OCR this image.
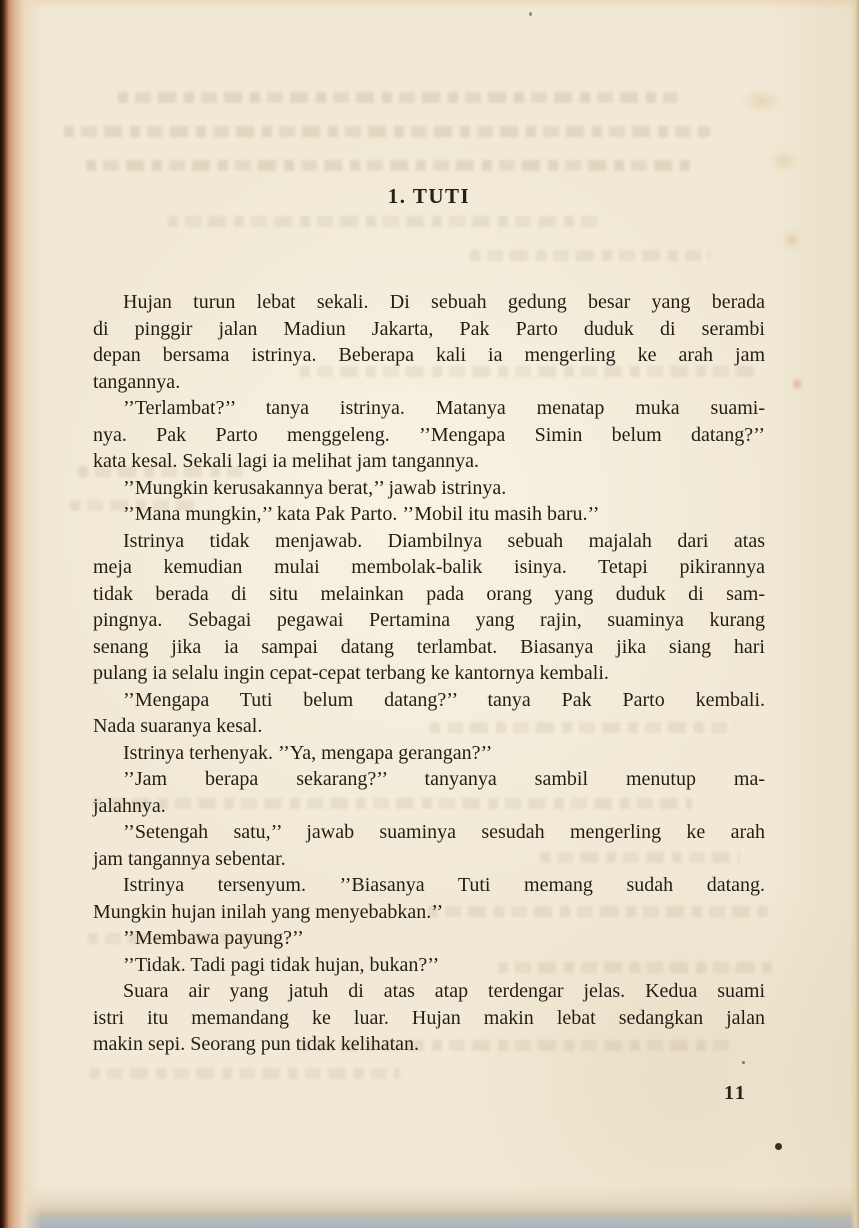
1. TUTI
Hujan turun lebat sekali. Di sebuah gedung besar yang berada
di pinggir jalan Madiun Jakarta, Pak Parto duduk di serambi
depan bersama istrinya. Beberapa kali ia mengerling ke arah jam
tangannya.
’’Terlambat?’’ tanya istrinya. Matanya menatap muka suami-
nya. Pak Parto menggeleng. ’’Mengapa Simin belum datang?’’
kata kesal. Sekali lagi ia melihat jam tangannya.
’’Mungkin kerusakannya berat,’’ jawab istrinya.
’’Mana mungkin,’’ kata Pak Parto. ’’Mobil itu masih baru.’’
Istrinya tidak menjawab. Diambilnya sebuah majalah dari atas
meja kemudian mulai membolak-balik isinya. Tetapi pikirannya
tidak berada di situ melainkan pada orang yang duduk di sam-
pingnya. Sebagai pegawai Pertamina yang rajin, suaminya kurang
senang jika ia sampai datang terlambat. Biasanya jika siang hari
pulang ia selalu ingin cepat-cepat terbang ke kantornya kembali.
’’Mengapa Tuti belum datang?’’ tanya Pak Parto kembali.
Nada suaranya kesal.
Istrinya terhenyak. ’’Ya, mengapa gerangan?’’
’’Jam berapa sekarang?’’ tanyanya sambil menutup ma-
jalahnya.
’’Setengah satu,’’ jawab suaminya sesudah mengerling ke arah
jam tangannya sebentar.
Istrinya tersenyum. ’’Biasanya Tuti memang sudah datang.
Mungkin hujan inilah yang menyebabkan.’’
’’Membawa payung?’’
’’Tidak. Tadi pagi tidak hujan, bukan?’’
Suara air yang jatuh di atas atap terdengar jelas. Kedua suami
istri itu memandang ke luar. Hujan makin lebat sedangkan jalan
makin sepi. Seorang pun tidak kelihatan.
11
